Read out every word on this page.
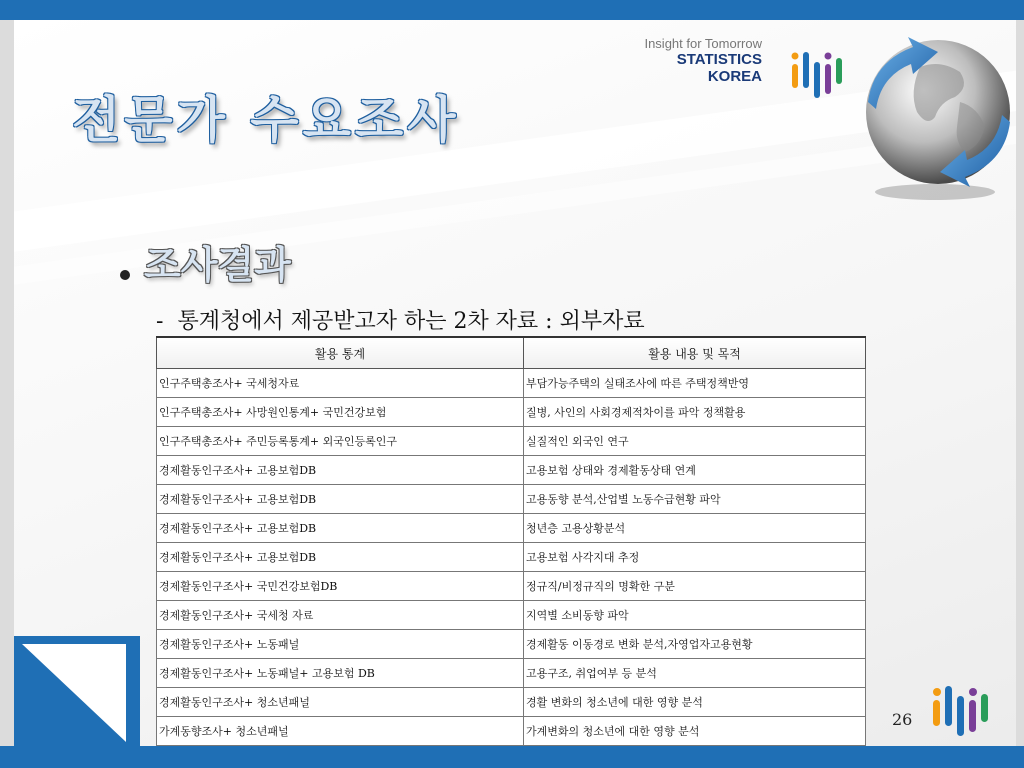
전문가 수요조사
Insight for Tomorrow
STATISTICS
KOREA
조사결과
- 통계청에서 제공받고자 하는 2차 자료 : 외부자료
활용 통계	활용 내용 및 목적
인구주택총조사+ 국세청자료	부담가능주택의 실태조사에 따른 주택정책반영
인구주택총조사+ 사망원인통계+ 국민건강보험	질병, 사인의 사회경제적차이를 파악 정책활용
인구주택총조사+ 주민등록통계+ 외국인등록인구	실질적인 외국인 연구
경제활동인구조사+ 고용보험DB	고용보험 상태와 경제활동상태 연계
경제활동인구조사+ 고용보험DB	고용동향 분석,산업별 노동수급현황 파악
경제활동인구조사+ 고용보험DB	청년층 고용상황분석
경제활동인구조사+ 고용보험DB	고용보험 사각지대 추정
경제활동인구조사+ 국민건강보험DB	정규직/비정규직의 명확한 구분
경제활동인구조사+ 국세청 자료	지역별 소비동향 파악
경제활동인구조사+ 노동패널	경제활동 이동경로 변화 분석,자영업자고용현황
경제활동인구조사+ 노동패널+ 고용보험 DB	고용구조, 취업여부 등 분석
경제활동인구조사+ 청소년패널	경활 변화의 청소년에 대한 영향 분석
가계동향조사+ 청소년패널	가계변화의 청소년에 대한 영향 분석
26
